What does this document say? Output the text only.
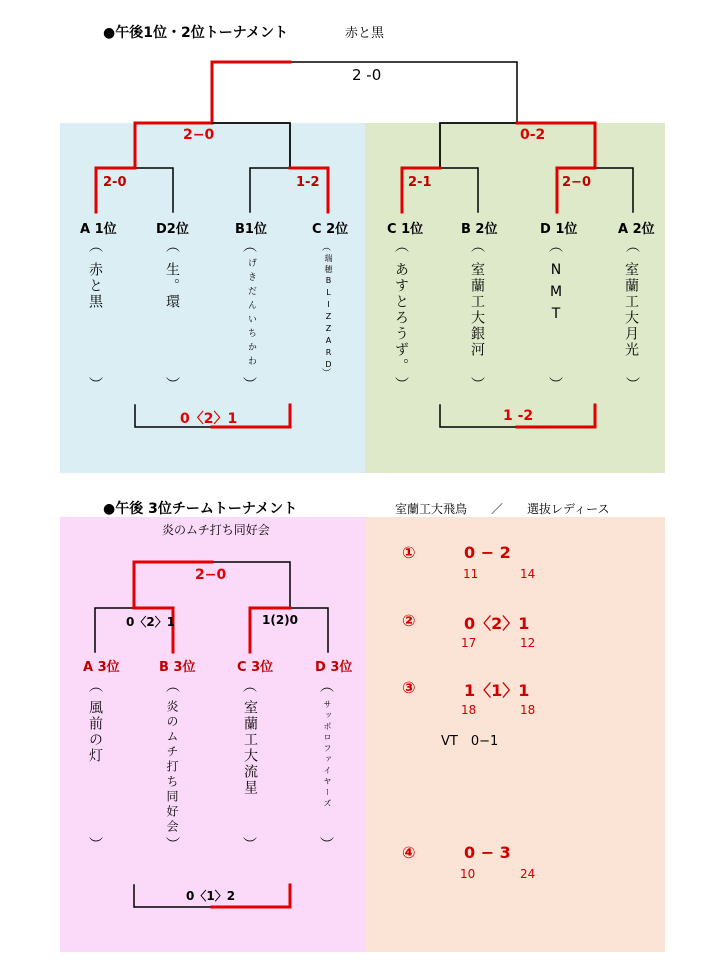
●午後1位・2位トーナメント	赤と黒
2 -0
2−0	0-2
2-0	1-2	2-1	2−0
A 1位	D2位	B1位	C 2位	C 1位	B 2位	D 1位	A 2位
︵	︵	︵	︵	︵	︵	︵	︵
赤と黒	生。環	げきだんいちかわ	瑞穂BLIZZARD	あすとろうず。	室蘭工大銀河	NMT	室蘭工大月光
︶	︶	︶
︶
︶	︶	︶	︶
0〈2〉1	1 -2
●午後 3位チームトーナメント
炎のムチ打ち同好会
2−0
0〈2〉1	1(2)0
A 3位	B 3位	C 3位	D 3位
︵	︵	︵	︵
風前の灯	炎のムチ打ち同好会	室蘭工大流星	サッポロファイヤーズ
︶	︶	︶	︶
0〈1〉2
室蘭工大飛鳥　　／　　選抜レディース
①	0 − 2
11	14
②	0〈2〉1
17	12
③	1〈1〉1
18	18
VT　0−1
④	0 − 3
10	24
